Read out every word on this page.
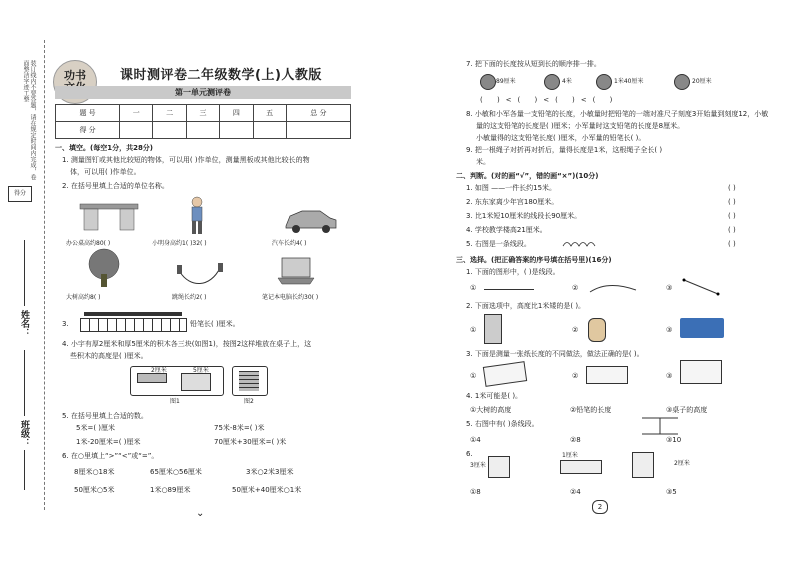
装订线内不要答题，请在规定时间内完成，卷面整洁字迹工整
得分
姓名：
班级：
功书	课时测评卷二年级数学(上)人教版
第一单元测评卷
题 号	一	二	三	四	五	总 分
得 分						
一、填空。(每空1分，共28分)
1. 测量图钉或其他比较短的物体，可以用( )作单位，测量黑板或其他比较长的物
体，可以用( )作单位。
2. 在括号里填上合适的单位名称。
办公桌高约80( )	小明身高约1( )32( )	汽车长约4( )
大树高约8( )	跳绳长约2( )	笔记本电脑长约30( )
3.	铅笔长( )厘米。
4. 小宇有厚2厘米和厚5厘米的积木各三块(如图1)，按图2这样堆放在桌子上，这
些积木的高度是( )厘米。
2厘米	5厘米
图1	图2
5. 在括号里填上合适的数。
5米=( )厘米	75米-8米=( )米
1米-20厘米=( )厘米	70厘米+30厘米=( )米
6. 在○里填上“>”“<”或“=”。
8厘米○18米	65厘米○56厘米	3米○2米3厘米
50厘米○5米	1米○89厘米	50厘米+40厘米○1米
⌄
7. 把下面的长度按从短到长的顺序排一排。
89厘米	4米	1米40厘米	20厘米
( )<( )<( )<( )
8. 小敏和小军各量一支铅笔的长度，小敏量时把铅笔的一端对准尺子刻度3开始量到刻度12，小敏
量的这支铅笔的长度是( )厘米；小军量时这支铅笔的长度是8厘米。
小敏量得的这支铅笔长度( )厘米，小军量的铅笔长( )。
9. 把一根绳子对折再对折后，量得长度是1米，这根绳子全长( )
米。
二、判断。(对的画“√”，错的画“×”)(10分)
1. 如图 ——一件长约15米。	( )
2. 东东家离少年宫180厘米。	( )
3. 比1米短10厘米的线段长90厘米。	( )
4. 学校教学楼高21厘米。	( )
5. 右图是一条线段。	( )
三、选择。(把正确答案的序号填在括号里)(16分)
1. 下面的图形中，( )是线段。
①	②	③
2. 下面选项中，高度比1米矮的是( )。
①	②	③
3. 下面是测量一张纸长度的不同做法，做法正确的是( )。
①	②	③
4. 1米可能是( )。
①大树的高度	②铅笔的长度	③桌子的高度
5. 右图中有( )条线段。
①4	②8	③10
6.
3厘米
1厘米
2厘米
①8	②4	③5
2
